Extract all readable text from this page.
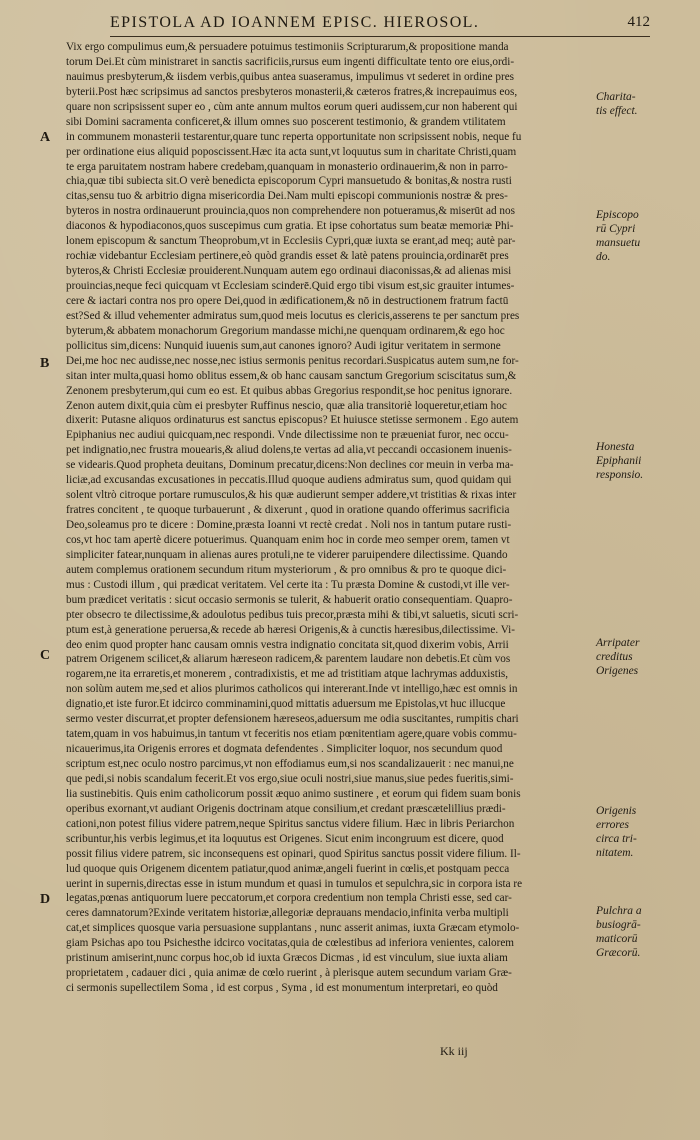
EPISTOLA AD IOANNEM EPISC. HIEROSOL.	412
A
B
C
D
Vix ergo compulimus eum,& persuadere potuimus testimoniis Scripturarum,& propositione manda
torum Dei.Et cùm ministraret in sanctis sacrificiis,rursus eum ingenti difficultate tento ore eius,ordi-
nauimus presbyterum,& iisdem verbis,quibus antea suaseramus, impulimus vt sederet in ordine pres
byterii.Post hæc scripsimus ad sanctos presbyteros monasterii,& cæteros fratres,& increpauimus eos,
quare non scripsissent super eo , cùm ante annum multos eorum queri audissem,cur non haberent qui
sibi Domini sacramenta conficeret,& illum omnes suo poscerent testimonio, & grandem vtilitatem
in communem monasterii testarentur,quare tunc reperta opportunitate non scripsissent nobis, neque fu
per ordinatione eius aliquid poposcissent.Hæc ita acta sunt,vt loquutus sum in charitate Christi,quam
te erga paruitatem nostram habere credebam,quanquam in monasterio ordinauerim,& non in parro-
chia,quæ tibi subiecta sit.O verè benedicta episcoporum Cypri mansuetudo & bonitas,& nostra rusti
citas,sensu tuo & arbitrio digna misericordia Dei.Nam multi episcopi communionis nostræ & pres-
byteros in nostra ordinauerunt prouincia,quos non comprehendere non potueramus,& miserūt ad nos
diaconos & hypodiaconos,quos suscepimus cum gratia. Et ipse cohortatus sum beatæ memoriæ Phi-
lonem episcopum & sanctum Theoprobum,vt in Ecclesiis Cypri,quæ iuxta se erant,ad meq; autè par-
rochiæ videbantur Ecclesiam pertinere,eò quòd grandis esset & latè patens prouincia,ordinarēt pres
byteros,& Christi Ecclesiæ prouiderent.Nunquam autem ego ordinaui diaconissas,& ad alienas misi
prouincias,neque feci quicquam vt Ecclesiam scinderē.Quid ergo tibi visum est,sic grauiter intumes-
cere & iactari contra nos pro opere Dei,quod in ædificationem,& nō in destructionem fratrum factū
est?Sed & illud vehementer admiratus sum,quod meis locutus es clericis,asserens te per sanctum pres
byterum,& abbatem monachorum Gregorium mandasse michi,ne quenquam ordinarem,& ego hoc
pollicitus sim,dicens: Nunquid iuuenis sum,aut canones ignoro? Audi igitur veritatem in sermone
Dei,me hoc nec audisse,nec nosse,nec istius sermonis penitus recordari.Suspicatus autem sum,ne for-
sitan inter multa,quasi homo oblitus essem,& ob hanc causam sanctum Gregorium sciscitatus sum,&
Zenonem presbyterum,qui cum eo est. Et quibus abbas Gregorius respondit,se hoc penitus ignorare.
Zenon autem dixit,quia cùm ei presbyter Ruffinus nescio, quæ alia transitoriè loqueretur,etiam hoc
dixerit: Putasne aliquos ordinaturus est sanctus episcopus? Et huiusce stetisse sermonem . Ego autem
Epiphanius nec audiui quicquam,nec respondi. Vnde dilectissime non te præueniat furor, nec occu-
pet indignatio,nec frustra mouearis,& aliud dolens,te vertas ad alia,vt peccandi occasionem inuenis-
se videaris.Quod propheta deuitans, Dominum precatur,dicens:Non declines cor meuin in verba ma-
liciæ,ad excusandas excusationes in peccatis.Illud quoque audiens admiratus sum, quod quidam qui
solent vltrò citroque portare rumusculos,& his quæ audierunt semper addere,vt tristitias & rixas inter
fratres concitent , te quoque turbauerunt , & dixerunt , quod in oratione quando offerimus sacrificia
Deo,soleamus pro te dicere : Domine,præsta Ioanni vt rectè credat . Noli nos in tantum putare rusti-
cos,vt hoc tam apertè dicere potuerimus. Quanquam enim hoc in corde meo semper orem, tamen vt
simpliciter fatear,nunquam in alienas aures protuli,ne te viderer paruipendere dilectissime. Quando
autem complemus orationem secundum ritum mysteriorum , & pro omnibus & pro te quoque dici-
mus : Custodi illum , qui prædicat veritatem. Vel certe ita : Tu præsta Domine & custodi,vt ille ver-
bum prædicet veritatis : sicut occasio sermonis se tulerit, & habuerit oratio consequentiam. Quapro-
pter obsecro te dilectissime,& adoulotus pedibus tuis precor,præsta mihi & tibi,vt saluetis, sicuti scri-
ptum est,à generatione peruersa,& recede ab hæresi Origenis,& à cunctis hæresibus,dilectissime. Vi-
deo enim quod propter hanc causam omnis vestra indignatio concitata sit,quod dixerim vobis, Arrii
patrem Origenem scilicet,& aliarum hæreseon radicem,& parentem laudare non debetis.Et cùm vos
rogarem,ne ita erraretis,et monerem , contradixistis, et me ad tristitiam atque lachrymas adduxistis,
non solùm autem me,sed et alios plurimos catholicos qui intererant.Inde vt intelligo,hæc est omnis in
dignatio,et iste furor.Et idcirco comminamini,quod mittatis aduersum me Epistolas,vt huc illucque
sermo vester discurrat,et propter defensionem hæreseos,aduersum me odia suscitantes, rumpitis chari
tatem,quam in vos habuimus,in tantum vt feceritis nos etiam pœnitentiam agere,quare vobis commu-
nicauerimus,ita Origenis errores et dogmata defendentes . Simpliciter loquor, nos secundum quod
scriptum est,nec oculo nostro parcimus,vt non effodiamus eum,si nos scandalizauerit : nec manui,ne
que pedi,si nobis scandalum fecerit.Et vos ergo,siue oculi nostri,siue manus,siue pedes fueritis,simi-
lia sustinebitis. Quis enim catholicorum possit æquo animo sustinere , et eorum qui fidem suam bonis
operibus exornant,vt audiant Origenis doctrinam atque consilium,et credant præscætelillius prædi-
cationi,non potest filius videre patrem,neque Spiritus sanctus videre filium. Hæc in libris Periarchon
scribuntur,his verbis legimus,et ita loquutus est Origenes. Sicut enim incongruum est dicere, quod
possit filius videre patrem, sic inconsequens est opinari, quod Spiritus sanctus possit videre filium. Il-
lud quoque quis Origenem dicentem patiatur,quod animæ,angeli fuerint in cœlis,et postquam pecca
uerint in supernis,directas esse in istum mundum et quasi in tumulos et sepulchra,sic in corpora ista re
legatas,pœnas antiquorum luere peccatorum,et corpora credentium non templa Christi esse, sed car-
ceres damnatorum?Exinde veritatem historiæ,allegoriæ deprauans mendacio,infinita verba multipli
cat,et simplices quosque varia persuasione supplantans , nunc asserit animas, iuxta Græcam etymolo-
giam Psichas apo tou Psichesthe idcirco vocitatas,quia de cœlestibus ad inferiora venientes, calorem
pristinum amiserint,nunc corpus hoc,ob id iuxta Græcos Dicmas , id est vinculum, siue iuxta aliam
proprietatem , cadauer dici , quia animæ de cœlo ruerint , à plerisque autem secundum variam Græ-
ci sermonis supellectilem Soma , id est corpus , Syma , id est monumentum interpretari, eo quòd
Charita-
tis effect.
Episcopo
rū Cypri
mansuetu
do.
Honesta
Epiphanii
responsio.
Arripater
creditus
Origenes
Origenis
errores
circa tri-
nitatem.
Pulchra a
busiogrā-
maticorū
Græcorū.
Kk iij
